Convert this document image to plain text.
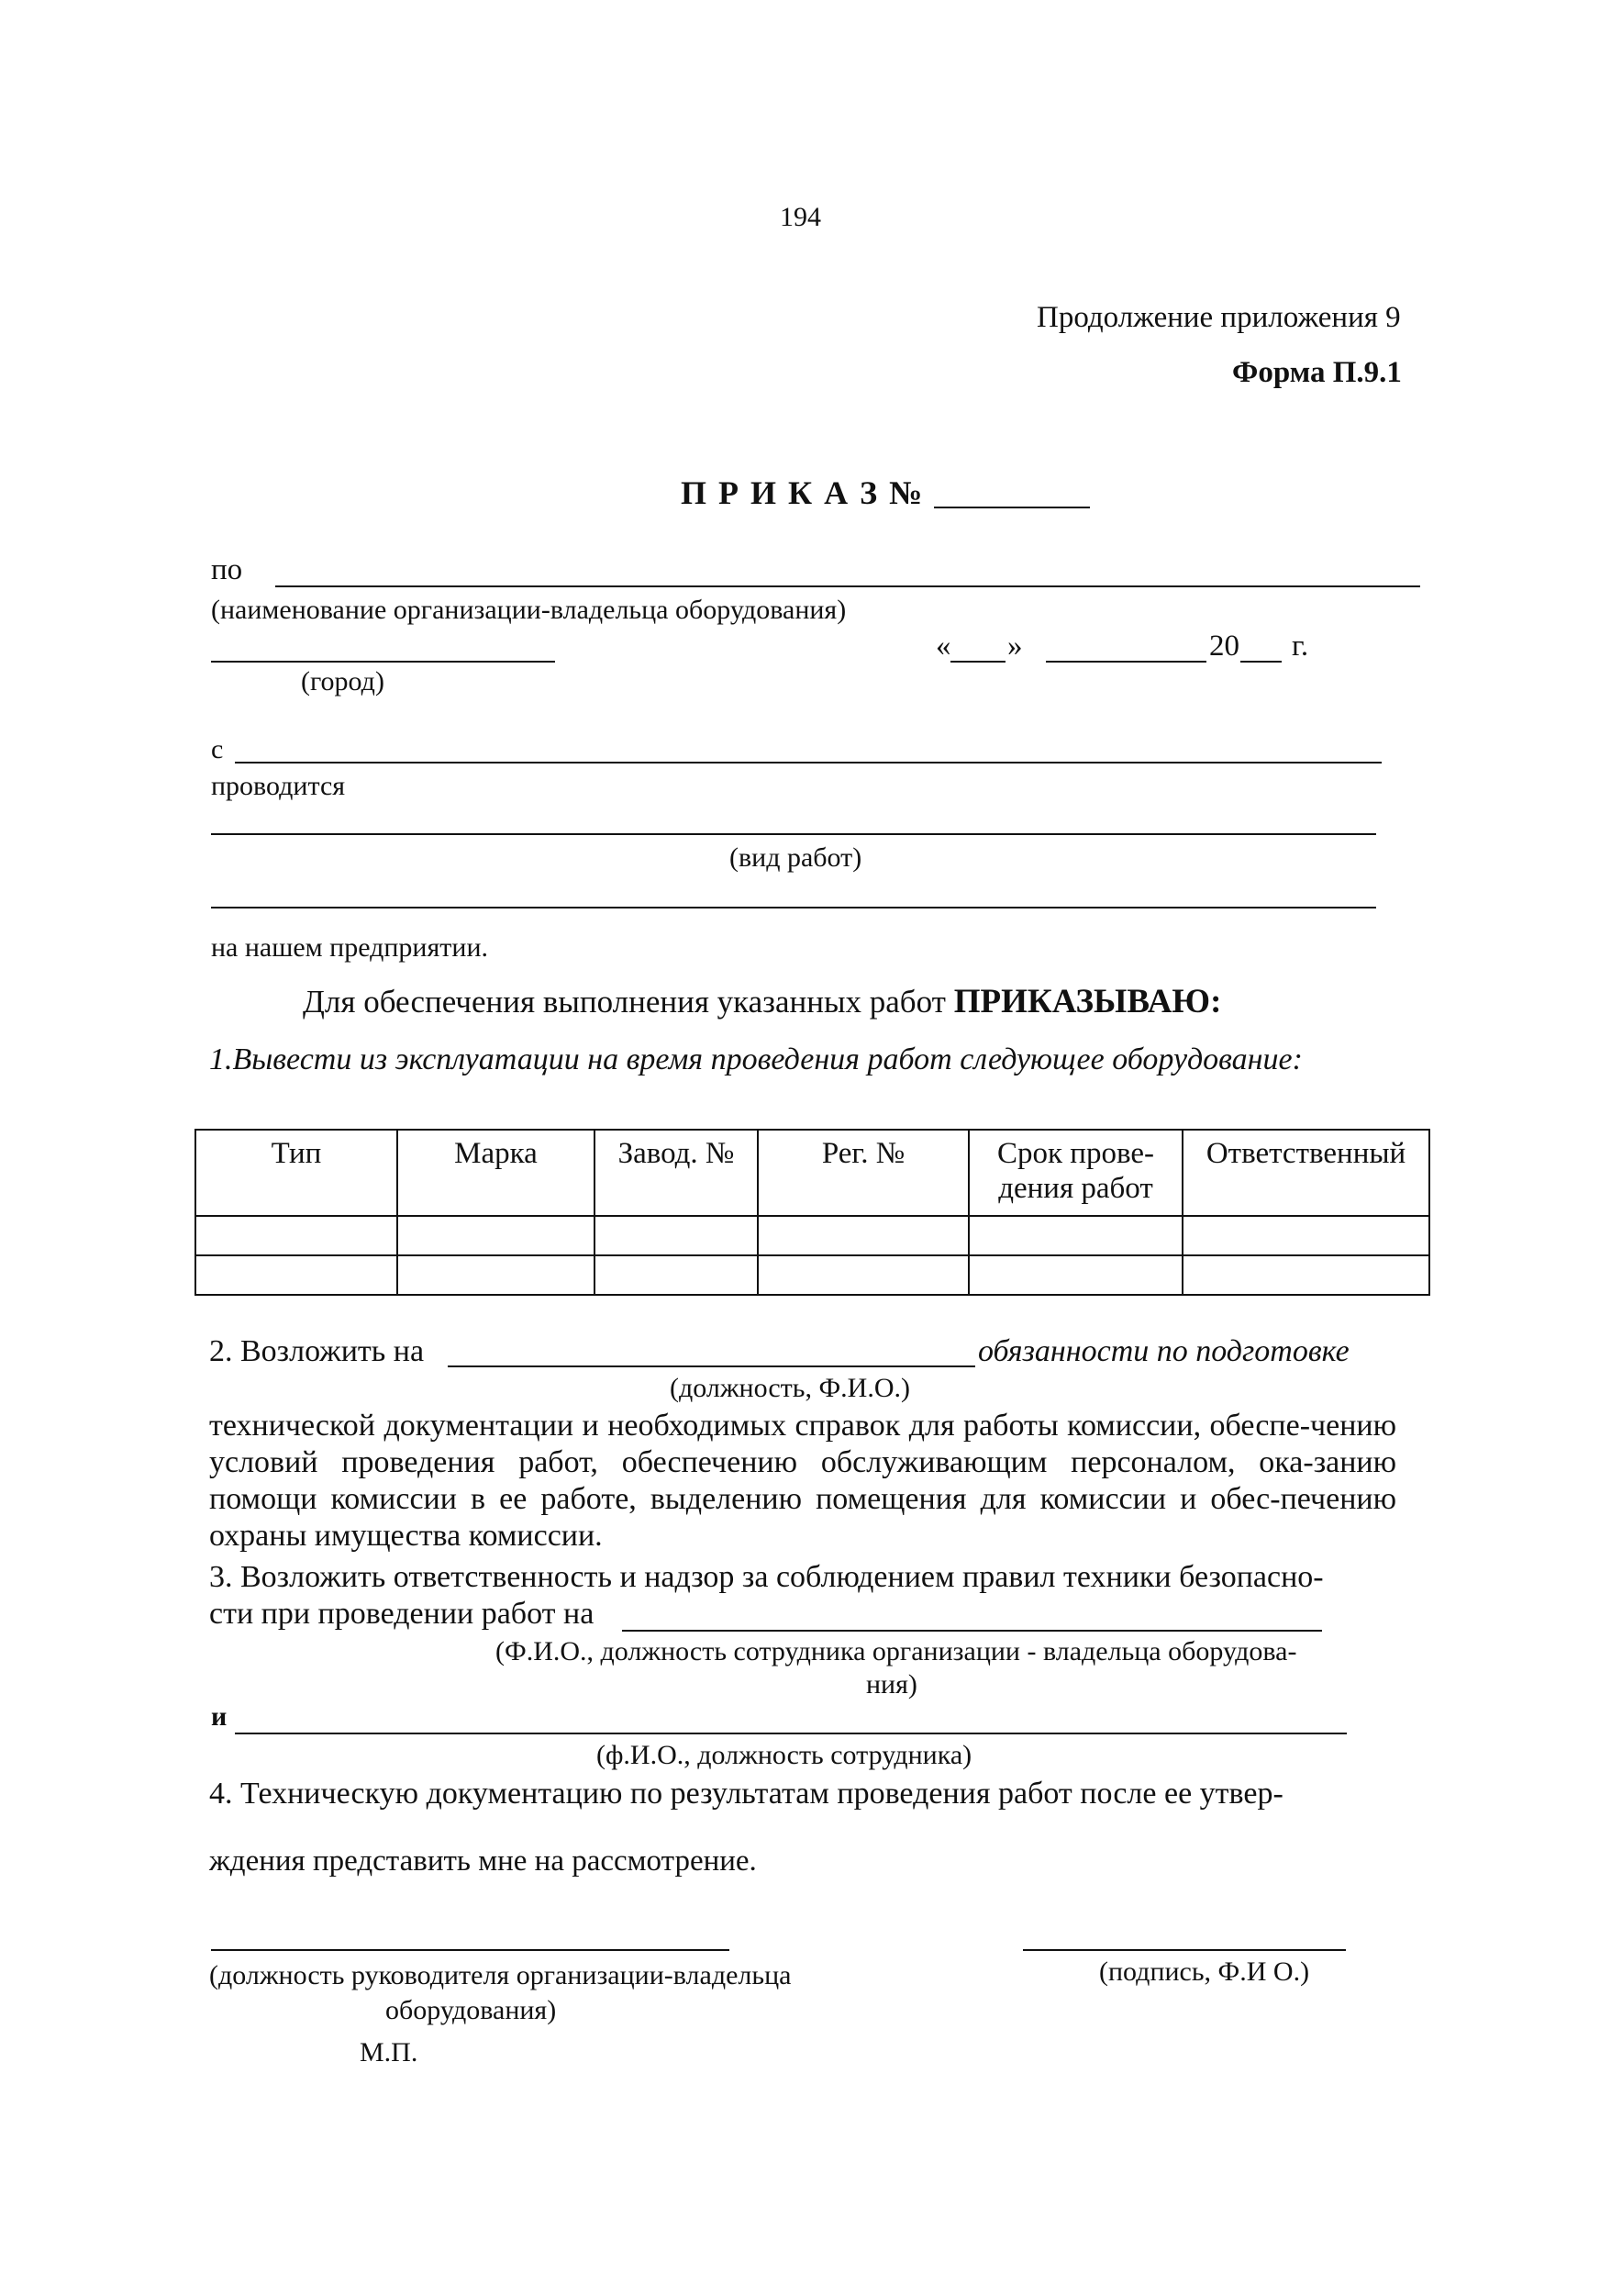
194
Продолжение приложения 9
Форма П.9.1
П Р И К А З №
по
(наименование организации-владельца оборудования)
(город)
« »	20 г.
с
проводится
(вид работ)
на нашем предприятии.
Для обеспечения выполнения указанных работ ПРИКАЗЫВАЮ:
1.Вывести из эксплуатации на время проведения работ следующее оборудование:
Тип	Марка	Завод. №	Рег. №	Срок прове-дения работ	Ответственный

2. Возложить на	обязанности по подготовке
(должность, Ф.И.О.)
технической документации и необходимых справок для работы комиссии, обеспе-чению условий проведения работ, обеспечению обслуживающим персоналом, ока-занию помощи комиссии в ее работе, выделению помещения для комиссии и обес-печению охраны имущества комиссии.
3. Возложить ответственность и надзор за соблюдением правил техники безопасно-
сти при проведении работ на
(Ф.И.О., должность сотрудника организации - владельца оборудова-
ния)
и
(ф.И.О., должность сотрудника)
4. Техническую документацию по результатам проведения работ после ее утвер-
ждения представить мне на рассмотрение.
(должность руководителя организации-владельца	(подпись, Ф.И О.)
оборудования)
М.П.
